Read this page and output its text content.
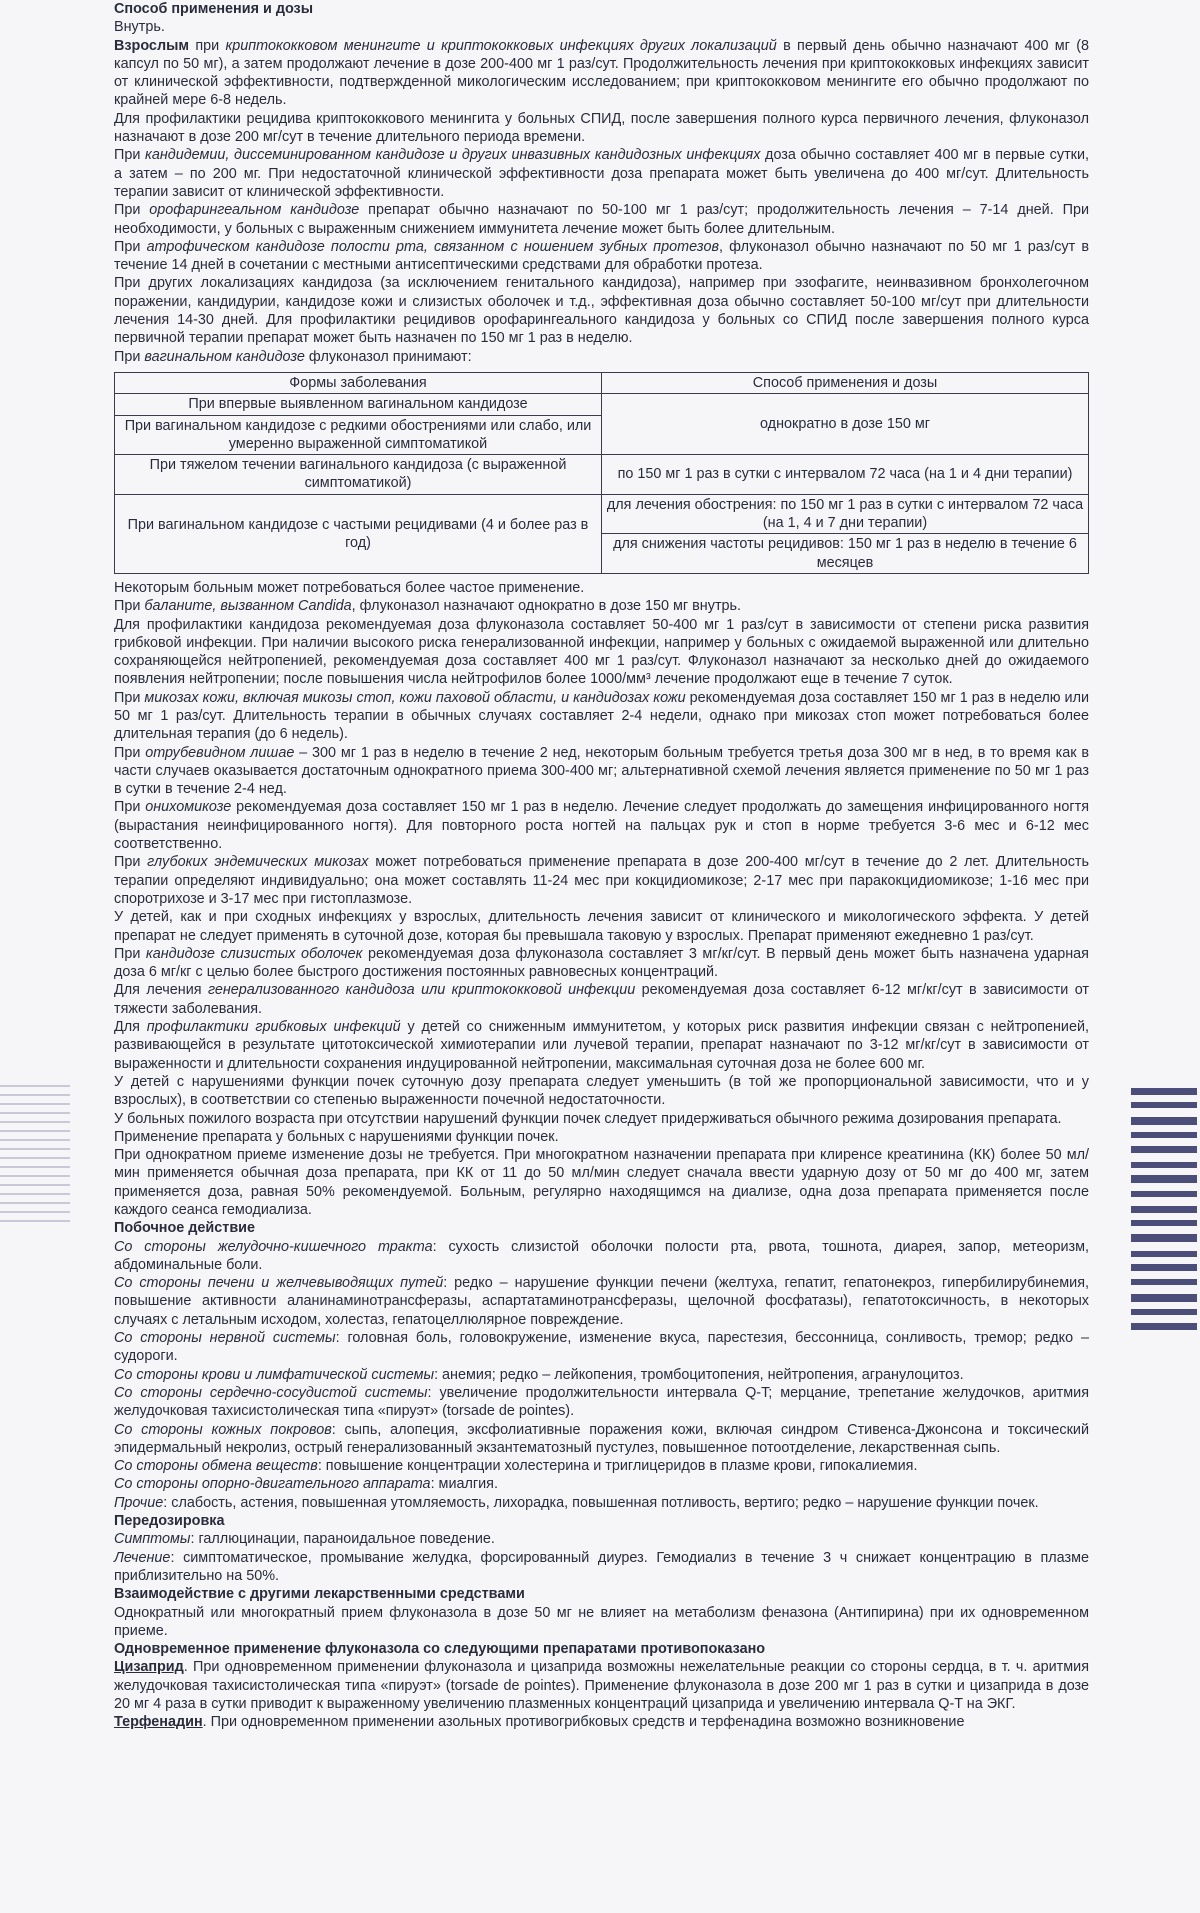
Способ применения и дозы

Внутрь.

Взрослым при криптококковом менингите и криптококковых инфекциях других локализаций в первый день обычно назначают 400 мг (8 капсул по 50 мг), а затем продолжают лечение в дозе 200-400 мг 1 раз/сут. Продолжительность лечения при криптококковых инфекциях зависит от клинической эффективности, подтвержденной микологическим исследованием; при криптококковом менингите его обычно продолжают по крайней мере 6-8 недель.

Для профилактики рецидива криптококкового менингита у больных СПИД, после завершения полного курса первичного лечения, флуконазол назначают в дозе 200 мг/сут в течение длительного периода времени.

При кандидемии, диссеминированном кандидозе и других инвазивных кандидозных инфекциях доза обычно составляет 400 мг в первые сутки, а затем – по 200 мг. При недостаточной клинической эффективности доза препарата может быть увеличена до 400 мг/сут. Длительность терапии зависит от клинической эффективности.

При орофарингеальном кандидозе препарат обычно назначают по 50-100 мг 1 раз/сут; продолжительность лечения – 7-14 дней. При необходимости, у больных с выраженным снижением иммунитета лечение может быть более длительным.

При атрофическом кандидозе полости рта, связанном с ношением зубных протезов, флуконазол обычно назначают по 50 мг 1 раз/сут в течение 14 дней в сочетании с местными антисептическими средствами для обработки протеза.

При других локализациях кандидоза (за исключением генитального кандидоза), например при эзофагите, неинвазивном бронхолегочном поражении, кандидурии, кандидозе кожи и слизистых оболочек и т.д., эффективная доза обычно составляет 50-100 мг/сут при длительности лечения 14-30 дней. Для профилактики рецидивов орофарингеального кандидоза у больных со СПИД после завершения полного курса первичной терапии препарат может быть назначен по 150 мг 1 раз в неделю.

При вагинальном кандидозе флуконазол принимают:

Формы заболевания	Способ применения и дозы
При впервые выявленном вагинальном кандидозе	однократно в дозе 150 мг
При вагинальном кандидозе с редкими обострениями или слабо, или умеренно выраженной симптоматикой	
При тяжелом течении вагинального кандидоза (с выраженной симптоматикой)	по 150 мг 1 раз в сутки с интервалом 72 часа (на 1 и 4 дни терапии)
При вагинальном кандидозе с частыми рецидивами (4 и более раз в год)	для лечения обострения: по 150 мг 1 раз в сутки с интервалом 72 часа (на 1, 4 и 7 дни терапии)
	для снижения частоты рецидивов: 150 мг 1 раз в неделю в течение 6 месяцев

Некоторым больным может потребоваться более частое применение.

При баланите, вызванном Candida, флуконазол назначают однократно в дозе 150 мг внутрь.

Для профилактики кандидоза рекомендуемая доза флуконазола составляет 50-400 мг 1 раз/сут в зависимости от степени риска развития грибковой инфекции. При наличии высокого риска генерализованной инфекции, например у больных с ожидаемой выраженной или длительно сохраняющейся нейтропенией, рекомендуемая доза составляет 400 мг 1 раз/сут. Флуконазол назначают за несколько дней до ожидаемого появления нейтропении; после повышения числа нейтрофилов более 1000/мм³ лечение продолжают еще в течение 7 суток.

При микозах кожи, включая микозы стоп, кожи паховой области, и кандидозах кожи рекомендуемая доза составляет 150 мг 1 раз в неделю или 50 мг 1 раз/сут. Длительность терапии в обычных случаях составляет 2-4 недели, однако при микозах стоп может потребоваться более длительная терапия (до 6 недель).

При отрубевидном лишае – 300 мг 1 раз в неделю в течение 2 нед, некоторым больным требуется третья доза 300 мг в нед, в то время как в части случаев оказывается достаточным однократного приема 300-400 мг; альтернативной схемой лечения является применение по 50 мг 1 раз в сутки в течение 2-4 нед.

При онихомикозе рекомендуемая доза составляет 150 мг 1 раз в неделю. Лечение следует продолжать до замещения инфицированного ногтя (вырастания неинфицированного ногтя). Для повторного роста ногтей на пальцах рук и стоп в норме требуется 3-6 мес и 6-12 мес соответственно.

При глубоких эндемических микозах может потребоваться применение препарата в дозе 200-400 мг/сут в течение до 2 лет. Длительность терапии определяют индивидуально; она может составлять 11-24 мес при кокцидиомикозе; 2-17 мес при паракокцидиомикозе; 1-16 мес при споротрихозе и 3-17 мес при гистоплазмозе.

У детей, как и при сходных инфекциях у взрослых, длительность лечения зависит от клинического и микологического эффекта. У детей препарат не следует применять в суточной дозе, которая бы превышала таковую у взрослых. Препарат применяют ежедневно 1 раз/сут.

При кандидозе слизистых оболочек рекомендуемая доза флуконазола составляет 3 мг/кг/сут. В первый день может быть назначена ударная доза 6 мг/кг с целью более быстрого достижения постоянных равновесных концентраций.

Для лечения генерализованного кандидоза или криптококковой инфекции рекомендуемая доза составляет 6-12 мг/кг/сут в зависимости от тяжести заболевания.

Для профилактики грибковых инфекций у детей со сниженным иммунитетом, у которых риск развития инфекции связан с нейтропенией, развивающейся в результате цитотоксической химиотерапии или лучевой терапии, препарат назначают по 3-12 мг/кг/сут в зависимости от выраженности и длительности сохранения индуцированной нейтропении, максимальная суточная доза не более 600 мг.

У детей с нарушениями функции почек суточную дозу препарата следует уменьшить (в той же пропорциональной зависимости, что и у взрослых), в соответствии со степенью выраженности почечной недостаточности.

У больных пожилого возраста при отсутствии нарушений функции почек следует придерживаться обычного режима дозирования препарата.

Применение препарата у больных с нарушениями функции почек.

При однократном приеме изменение дозы не требуется. При многократном назначении препарата при клиренсе креатинина (КК) более 50 мл/мин применяется обычная доза препарата, при КК от 11 до 50 мл/мин следует сначала ввести ударную дозу от 50 мг до 400 мг, затем применяется доза, равная 50% рекомендуемой. Больным, регулярно находящимся на диализе, одна доза препарата применяется после каждого сеанса гемодиализа.

Побочное действие

Со стороны желудочно-кишечного тракта: сухость слизистой оболочки полости рта, рвота, тошнота, диарея, запор, метеоризм, абдоминальные боли.

Со стороны печени и желчевыводящих путей: редко – нарушение функции печени (желтуха, гепатит, гепатонекроз, гипербилирубинемия, повышение активности аланинаминотрансферазы, аспартатаминотрансферазы, щелочной фосфатазы), гепатотоксичность, в некоторых случаях с летальным исходом, холестаз, гепатоцеллюлярное повреждение.

Со стороны нервной системы: головная боль, головокружение, изменение вкуса, парестезия, бессонница, сонливость, тремор; редко – судороги.

Со стороны крови и лимфатической системы: анемия; редко – лейкопения, тромбоцитопения, нейтропения, агранулоцитоз.

Со стороны сердечно-сосудистой системы: увеличение продолжительности интервала Q-T; мерцание, трепетание желудочков, аритмия желудочковая тахисистолическая типа «пируэт» (torsade de pointes).

Со стороны кожных покровов: сыпь, алопеция, эксфолиативные поражения кожи, включая синдром Стивенса-Джонсона и токсический эпидермальный некролиз, острый генерализованный экзантематозный пустулез, повышенное потоотделение, лекарственная сыпь.

Со стороны обмена веществ: повышение концентрации холестерина и триглицеридов в плазме крови, гипокалиемия.

Со стороны опорно-двигательного аппарата: миалгия.

Прочие: слабость, астения, повышенная утомляемость, лихорадка, повышенная потливость, вертиго; редко – нарушение функции почек.

Передозировка

Симптомы: галлюцинации, параноидальное поведение.

Лечение: симптоматическое, промывание желудка, форсированный диурез. Гемодиализ в течение 3 ч снижает концентрацию в плазме приблизительно на 50%.

Взаимодействие с другими лекарственными средствами

Однократный или многократный прием флуконазола в дозе 50 мг не влияет на метаболизм феназона (Антипирина) при их одновременном приеме.

Одновременное применение флуконазола со следующими препаратами противопоказано

Цизаприд. При одновременном применении флуконазола и цизаприда возможны нежелательные реакции со стороны сердца, в т. ч. аритмия желудочковая тахисистолическая типа «пируэт» (torsade de pointes). Применение флуконазола в дозе 200 мг 1 раз в сутки и цизаприда в дозе 20 мг 4 раза в сутки приводит к выраженному увеличению плазменных концентраций цизаприда и увеличению интервала Q-T на ЭКГ.

Терфенадин. При одновременном применении азольных противогрибковых средств и терфенадина возможно возникновение
